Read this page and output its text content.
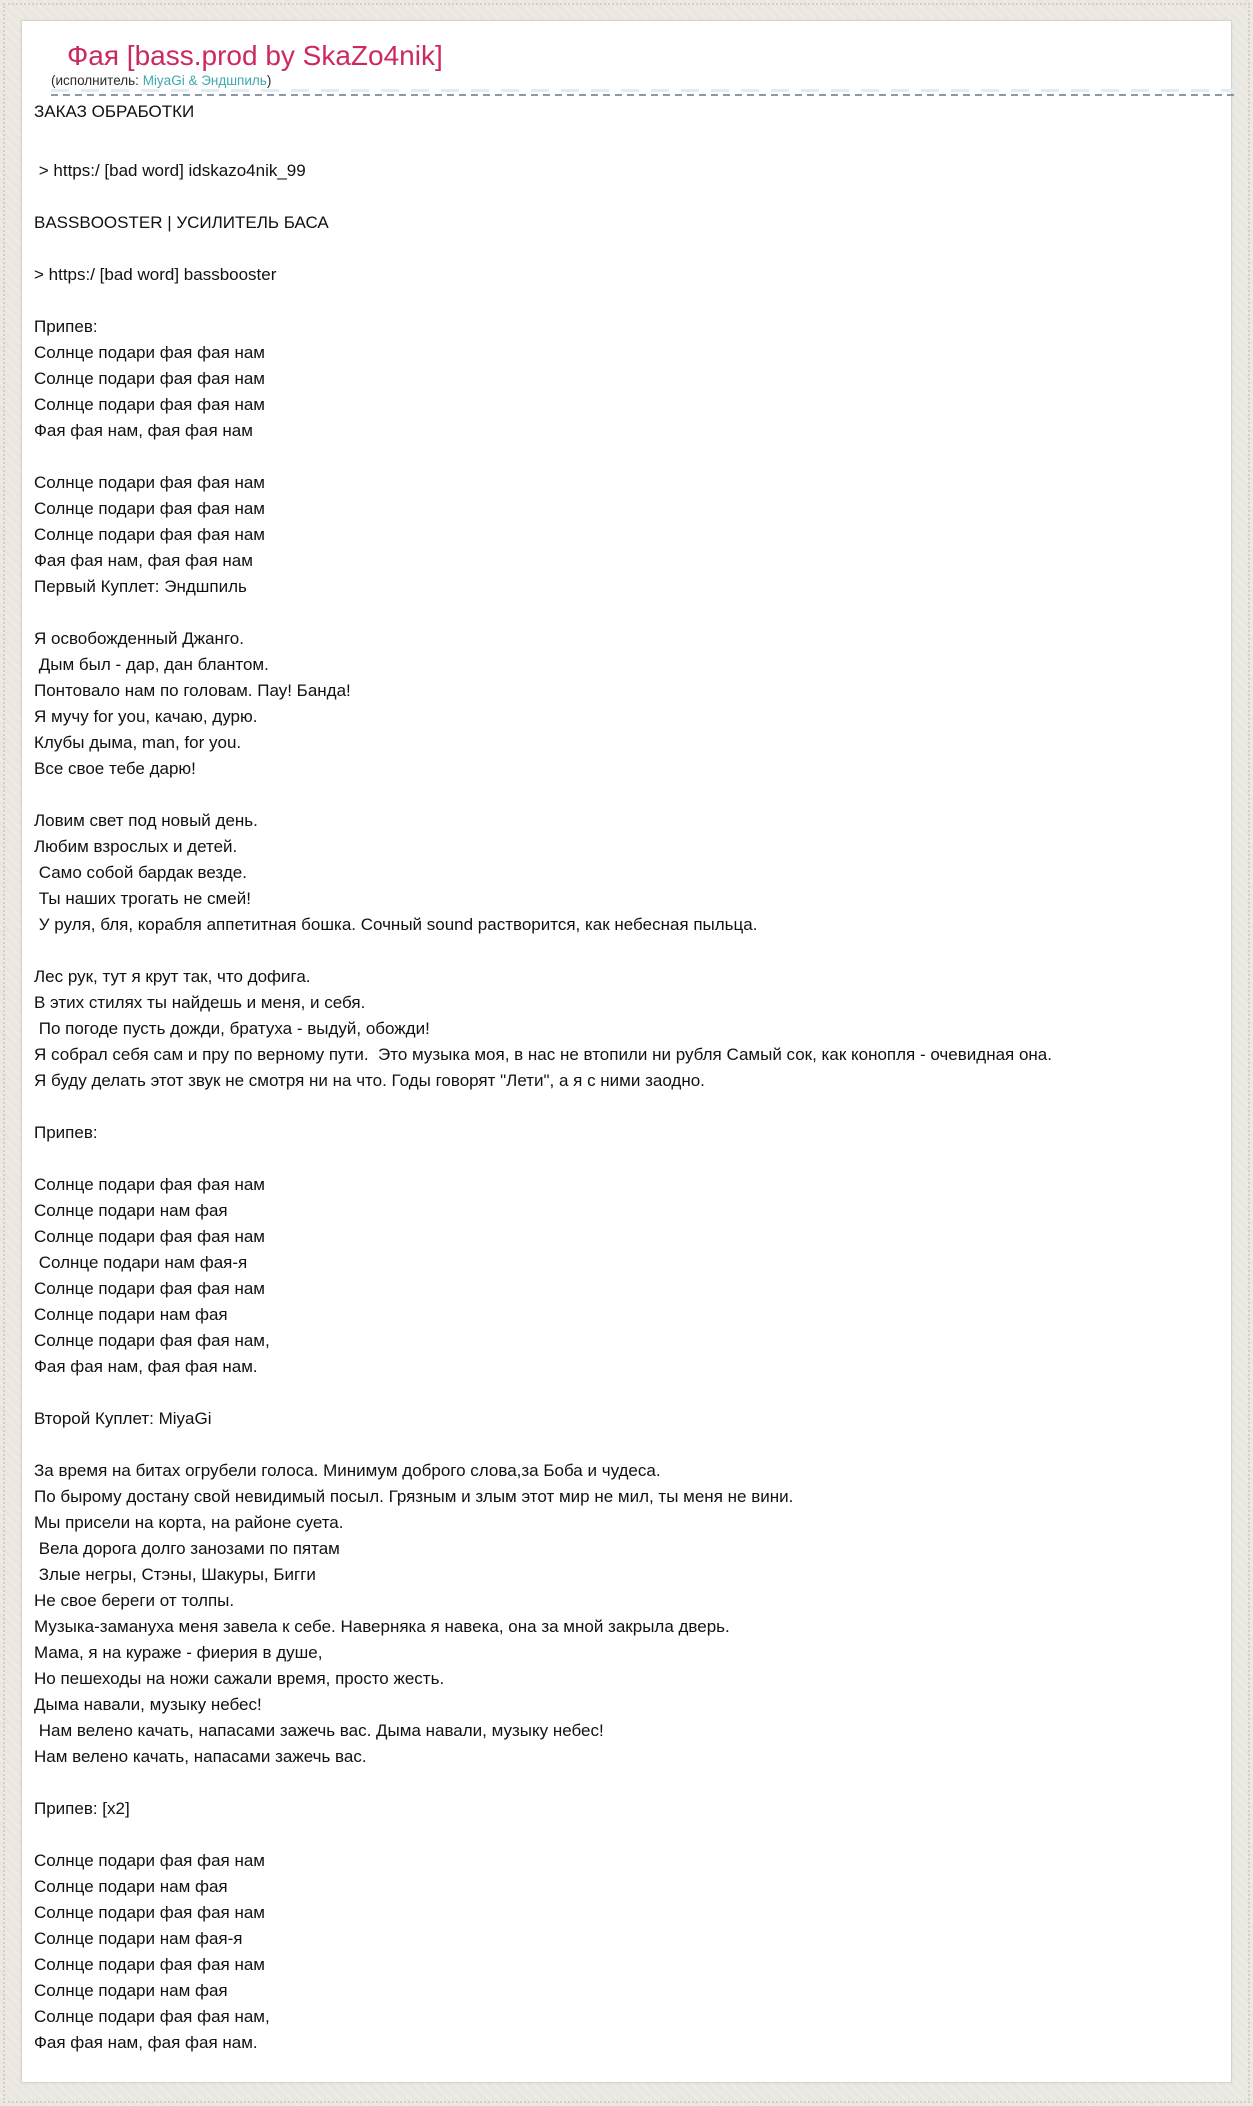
Фая [bass.prod by SkaZo4nik]
(исполнитель: MiyaGi & Эндшпиль)
ЗАКАЗ ОБРАБОТКИ

> https:/ [bad word] idskazo4nik_99

BASSBOOSTER | УСИЛИТЕЛЬ БАСА

> https:/ [bad word] bassbooster

Припев:
Солнце подари фая фая нам
Солнце подари фая фая нам
Солнце подари фая фая нам
Фая фая нам, фая фая нам

Солнце подари фая фая нам
Солнце подари фая фая нам
Солнце подари фая фая нам
Фая фая нам, фая фая нам
Первый Куплет: Эндшпиль

Я освобожденный Джанго.
Дым был - дар, дан блантом.
Понтовало нам по головам. Пау! Банда!
Я мучу for you, качаю, дурю.
Клубы дыма, man, for you.
Все свое тебе дарю!

Ловим свет под новый день.
Любим взрослых и детей.
Само собой бардак везде.
Ты наших трогать не смей!
У руля, бля, корабля аппетитная бошка. Сочный sound растворится, как небесная пыльца.

Лес рук, тут я крут так, что дофига.
В этих стилях ты найдешь и меня, и себя.
По погоде пусть дожди, братуха - выдуй, обожди!
Я собрал себя сам и пру по верному пути.  Это музыка моя, в нас не втопили ни рубля Самый сок, как конопля - очевидная она.
Я буду делать этот звук не смотря ни на что. Годы говорят "Лети", а я с ними заодно.

Припев:

Солнце подари фая фая нам
Солнце подари нам фая
Солнце подари фая фая нам
Солнце подари нам фая-я
Солнце подари фая фая нам
Солнце подари нам фая
Солнце подари фая фая нам,
Фая фая нам, фая фая нам.

Второй Куплет: MiyaGi

За время на битах огрубели голоса. Минимум доброго слова,за Боба и чудеса.
По бырому достану свой невидимый посыл. Грязным и злым этот мир не мил, ты меня не вини.
Мы присели на корта, на районе суета.
Вела дорога долго занозами по пятам
Злые негры, Стэны, Шакуры, Бигги
Не свое береги от толпы.
Музыка-замануха меня завела к себе. Наверняка я навека, она за мной закрыла дверь.
Мама, я на кураже - фиерия в душе,
Но пешеходы на ножи сажали время, просто жесть.
Дыма навали, музыку небес!
Нам велено качать, напасами зажечь вас. Дыма навали, музыку небес!
Нам велено качать, напасами зажечь вас.

Припев: [x2]

Солнце подари фая фая нам
Солнце подари нам фая
Солнце подари фая фая нам
Солнце подари нам фая-я
Солнце подари фая фая нам
Солнце подари нам фая
Солнце подари фая фая нам,
Фая фая нам, фая фая нам.
